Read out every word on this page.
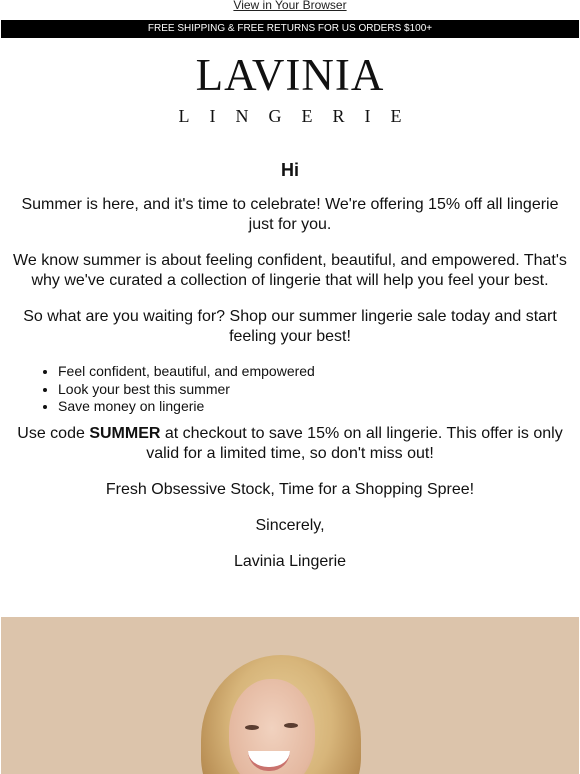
View in Your Browser
FREE SHIPPING & FREE RETURNS FOR US ORDERS $100+
LAVINIA
LINGERIE

Hi

Summer is here, and it's time to celebrate! We're offering 15% off all lingerie just for you.

We know summer is about feeling confident, beautiful, and empowered. That's why we've curated a collection of lingerie that will help you feel your best.

So what are you waiting for? Shop our summer lingerie sale today and start feeling your best!

• Feel confident, beautiful, and empowered
• Look your best this summer
• Save money on lingerie

Use code SUMMER at checkout to save 15% on all lingerie. This offer is only valid for a limited time, so don't miss out!

Fresh Obsessive Stock, Time for a Shopping Spree!

Sincerely,

Lavinia Lingerie
